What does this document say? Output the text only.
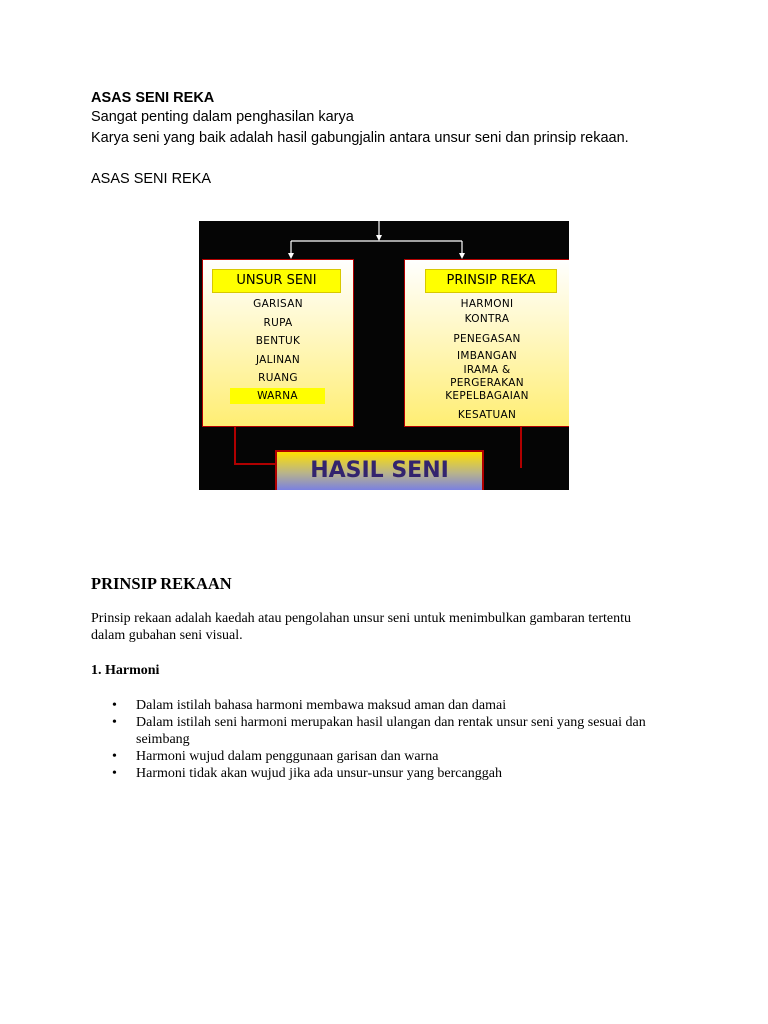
ASAS SENI REKA
Sangat penting dalam penghasilan karya
Karya seni yang baik adalah hasil gabungjalin antara unsur seni dan prinsip rekaan.
ASAS SENI REKA
UNSUR SENI
GARISAN
RUPA
BENTUK
JALINAN
RUANG
WARNA
PRINSIP REKA
HARMONI
KONTRA
PENEGASAN
IMBANGAN
IRAMA &
PERGERAKAN
KEPELBAGAIAN
KESATUAN
HASIL SENI
PRINSIP REKAAN
Prinsip rekaan adalah kaedah atau pengolahan unsur seni untuk menimbulkan gambaran tertentu
dalam gubahan seni visual.
1. Harmoni
• Dalam istilah bahasa harmoni membawa maksud aman dan damai
• Dalam istilah seni harmoni merupakan hasil ulangan dan rentak unsur seni yang sesuai dan seimbang
• Harmoni wujud dalam penggunaan garisan dan warna
• Harmoni tidak akan wujud jika ada unsur-unsur yang bercanggah
